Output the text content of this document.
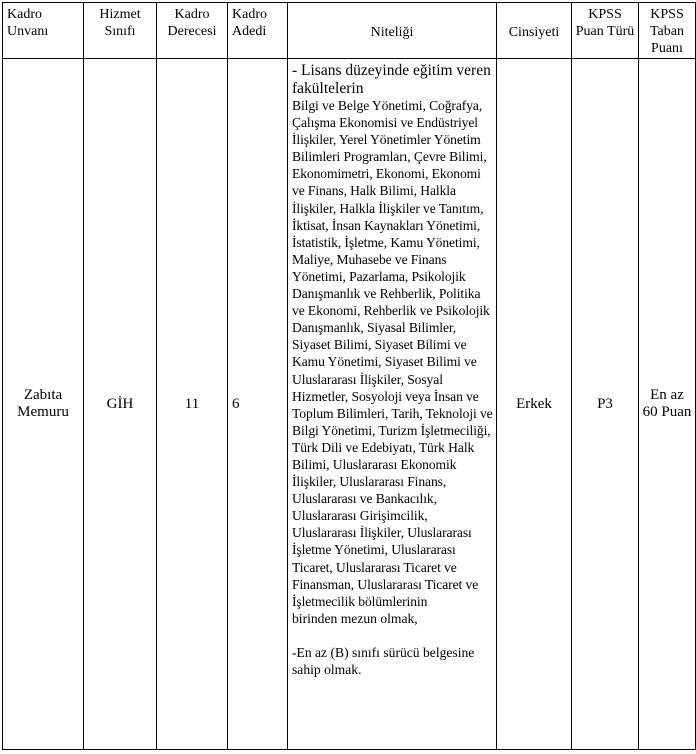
Kadro Unvanı	Hizmet Sınıfı	Kadro Derecesi	Kadro Adedi	Niteliği	Cinsiyeti	KPSS Puan Türü	KPSS Taban Puanı
Zabıta Memuru	GİH	11	6	- Lisans düzeyinde eğitim veren fakültelerin

Bilgi ve Belge Yönetimi, Coğrafya, Çalışma Ekonomisi ve Endüstriyel İlişkiler, Yerel Yönetimler Yönetim Bilimleri Programları, Çevre Bilimi, Ekonomimetri, Ekonomi, Ekonomi ve Finans, Halk Bilimi, Halkla İlişkiler, Halkla İlişkiler ve Tanıtım, İktisat, İnsan Kaynakları Yönetimi, İstatistik, İşletme, Kamu Yönetimi, Maliye, Muhasebe ve Finans Yönetimi, Pazarlama, Psikolojik Danışmanlık ve Rehberlik, Politika ve Ekonomi, Rehberlik ve Psikolojik Danışmanlık, Siyasal Bilimler, Siyaset Bilimi, Siyaset Bilimi ve Kamu Yönetimi, Siyaset Bilimi ve Uluslararası İlişkiler, Sosyal Hizmetler, Sosyoloji veya İnsan ve Toplum Bilimleri, Tarih, Teknoloji ve Bilgi Yönetimi, Turizm İşletmeciliği, Türk Dili ve Edebiyatı, Türk Halk Bilimi, Uluslararası Ekonomik İlişkiler, Uluslararası Finans, Uluslararası ve Bankacılık, Uluslararası Girişimcilik, Uluslararası İlişkiler, Uluslararası İşletme Yönetimi, Uluslararası Ticaret, Uluslararası Ticaret ve Finansman, Uluslararası Ticaret ve İşletmecilik bölümlerinin

birinden mezun olmak,

-En az (B) sınıfı sürücü belgesine sahip olmak.	Erkek	P3	En az 60 Puan
